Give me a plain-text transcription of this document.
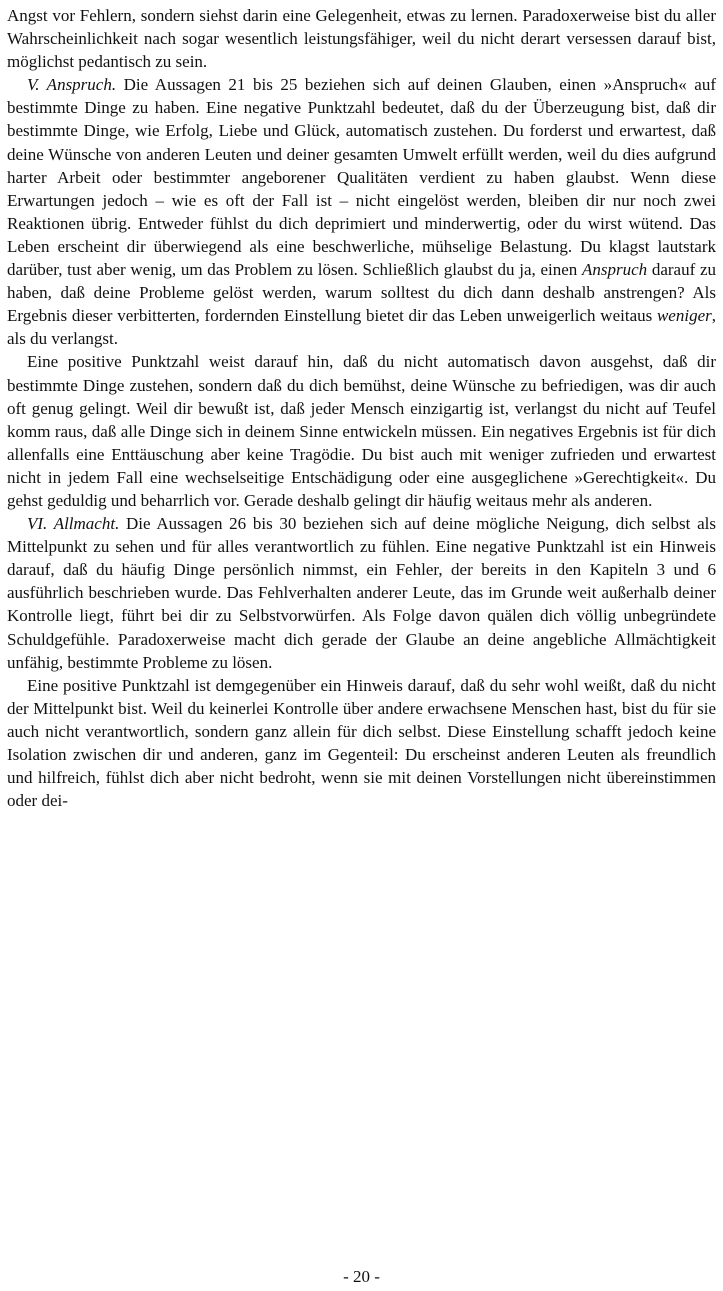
Angst vor Fehlern, sondern siehst darin eine Gelegenheit, etwas zu lernen. Paradoxerweise bist du aller Wahrscheinlichkeit nach sogar wesentlich leistungsfähiger, weil du nicht derart versessen darauf bist, möglichst pedantisch zu sein.

V. Anspruch. Die Aussagen 21 bis 25 beziehen sich auf deinen Glauben, einen »Anspruch« auf bestimmte Dinge zu haben. Eine negative Punktzahl bedeutet, daß du der Überzeugung bist, daß dir bestimmte Dinge, wie Erfolg, Liebe und Glück, automatisch zustehen. Du forderst und erwartest, daß deine Wünsche von anderen Leuten und deiner gesamten Umwelt erfüllt werden, weil du dies aufgrund harter Arbeit oder bestimmter angeborener Qualitäten verdient zu haben glaubst. Wenn diese Erwartungen jedoch – wie es oft der Fall ist – nicht eingelöst werden, bleiben dir nur noch zwei Reaktionen übrig. Entweder fühlst du dich deprimiert und minderwertig, oder du wirst wütend. Das Leben erscheint dir überwiegend als eine beschwerliche, mühselige Belastung. Du klagst lautstark darüber, tust aber wenig, um das Problem zu lösen. Schließlich glaubst du ja, einen Anspruch darauf zu haben, daß deine Probleme gelöst werden, warum solltest du dich dann deshalb anstrengen? Als Ergebnis dieser verbitterten, fordernden Einstellung bietet dir das Leben unweigerlich weitaus weniger, als du verlangst.

Eine positive Punktzahl weist darauf hin, daß du nicht automatisch davon ausgehst, daß dir bestimmte Dinge zustehen, sondern daß du dich bemühst, deine Wünsche zu befriedigen, was dir auch oft genug gelingt. Weil dir bewußt ist, daß jeder Mensch einzigartig ist, verlangst du nicht auf Teufel komm raus, daß alle Dinge sich in deinem Sinne entwickeln müssen. Ein negatives Ergebnis ist für dich allenfalls eine Enttäuschung aber keine Tragödie. Du bist auch mit weniger zufrieden und erwartest nicht in jedem Fall eine wechselseitige Entschädigung oder eine ausgeglichene »Gerechtigkeit«. Du gehst geduldig und beharrlich vor. Gerade deshalb gelingt dir häufig weitaus mehr als anderen.

VI. Allmacht. Die Aussagen 26 bis 30 beziehen sich auf deine mögliche Neigung, dich selbst als Mittelpunkt zu sehen und für alles verantwortlich zu fühlen. Eine negative Punktzahl ist ein Hinweis darauf, daß du häufig Dinge persönlich nimmst, ein Fehler, der bereits in den Kapiteln 3 und 6 ausführlich beschrieben wurde. Das Fehlverhalten anderer Leute, das im Grunde weit außerhalb deiner Kontrolle liegt, führt bei dir zu Selbstvorwürfen. Als Folge davon quälen dich völlig unbegründete Schuldgefühle. Paradoxerweise macht dich gerade der Glaube an deine angebliche Allmächtigkeit unfähig, bestimmte Probleme zu lösen.

Eine positive Punktzahl ist demgegenüber ein Hinweis darauf, daß du sehr wohl weißt, daß du nicht der Mittelpunkt bist. Weil du keinerlei Kontrolle über andere erwachsene Menschen hast, bist du für sie auch nicht verantwortlich, sondern ganz allein für dich selbst. Diese Einstellung schafft jedoch keine Isolation zwischen dir und anderen, ganz im Gegenteil: Du erscheinst anderen Leuten als freundlich und hilfreich, fühlst dich aber nicht bedroht, wenn sie mit deinen Vorstellungen nicht übereinstimmen oder dei-

- 20 -
